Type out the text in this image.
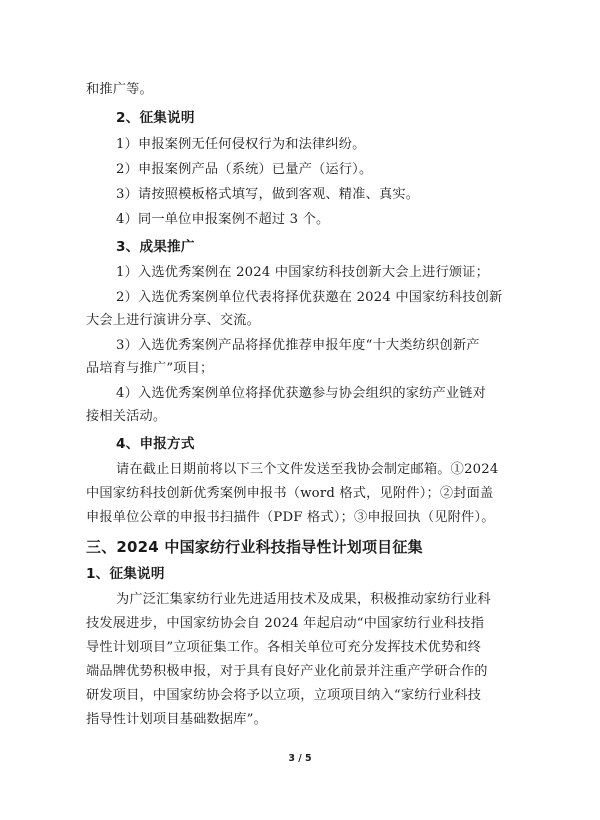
和推广等。
2、征集说明
1）申报案例无任何侵权行为和法律纠纷。
2）申报案例产品（系统）已量产（运行）。
3）请按照模板格式填写，做到客观、精准、真实。
4）同一单位申报案例不超过 3 个。
3、成果推广
1）入选优秀案例在 2024 中国家纺科技创新大会上进行颁证；
2）入选优秀案例单位代表将择优获邀在 2024 中国家纺科技创新
大会上进行演讲分享、交流。
3）入选优秀案例产品将择优推荐申报年度“十大类纺织创新产
品培育与推广”项目；
4）入选优秀案例单位将择优获邀参与协会组织的家纺产业链对
接相关活动。
4、申报方式
请在截止日期前将以下三个文件发送至我协会制定邮箱。①2024
中国家纺科技创新优秀案例申报书（word 格式，见附件）；②封面盖
申报单位公章的申报书扫描件（PDF 格式）；③申报回执（见附件）。
三、2024 中国家纺行业科技指导性计划项目征集
1、征集说明
为广泛汇集家纺行业先进适用技术及成果，积极推动家纺行业科
技发展进步，中国家纺协会自 2024 年起启动“中国家纺行业科技指
导性计划项目”立项征集工作。各相关单位可充分发挥技术优势和终
端品牌优势积极申报，对于具有良好产业化前景并注重产学研合作的
研发项目，中国家纺协会将予以立项，立项项目纳入“家纺行业科技
指导性计划项目基础数据库”。
3 / 5
